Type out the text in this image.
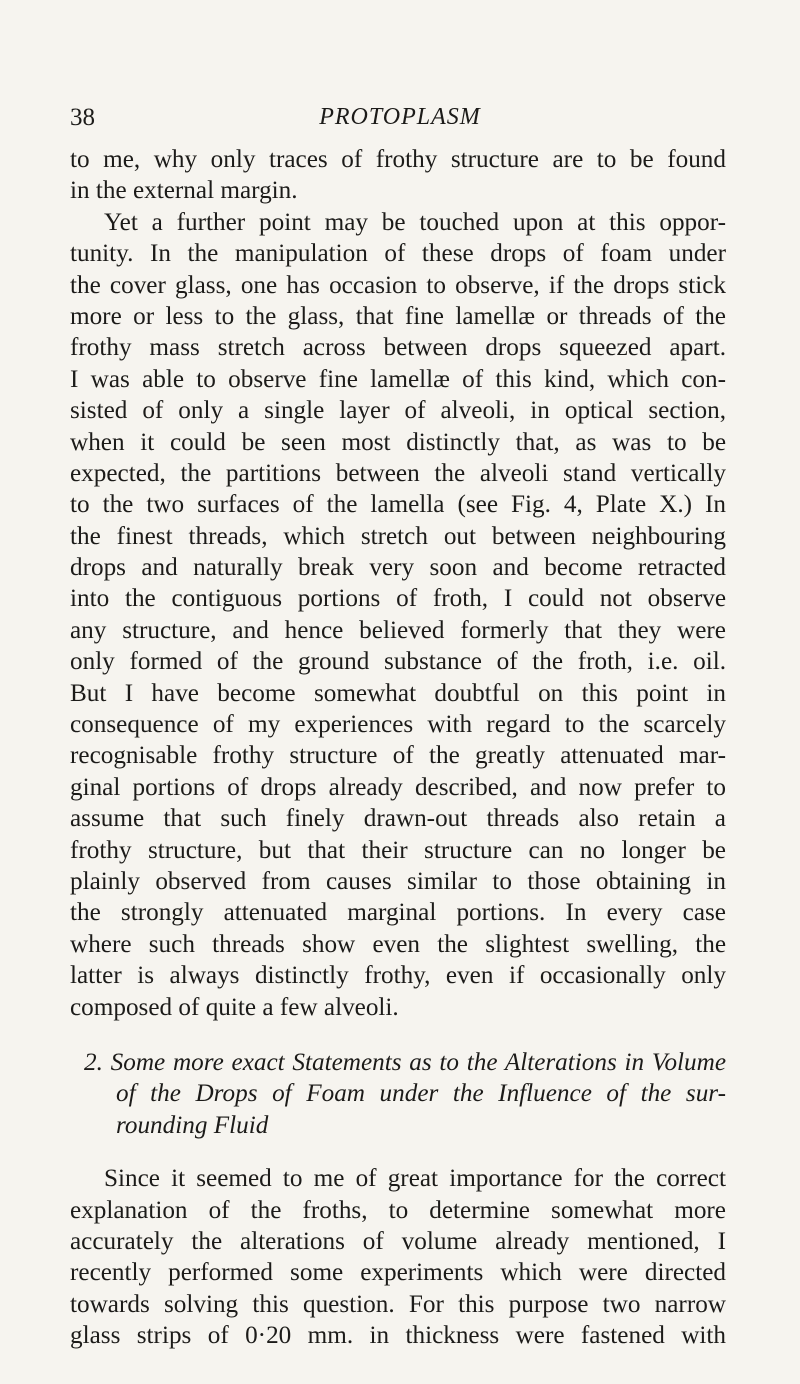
38	PROTOPLASM
to me, why only traces of frothy structure are to be found
in the external margin.
Yet a further point may be touched upon at this oppor-
tunity. In the manipulation of these drops of foam under
the cover glass, one has occasion to observe, if the drops stick
more or less to the glass, that fine lamellæ or threads of the
frothy mass stretch across between drops squeezed apart.
I was able to observe fine lamellæ of this kind, which con-
sisted of only a single layer of alveoli, in optical section,
when it could be seen most distinctly that, as was to be
expected, the partitions between the alveoli stand vertically
to the two surfaces of the lamella (see Fig. 4, Plate X.) In
the finest threads, which stretch out between neighbouring
drops and naturally break very soon and become retracted
into the contiguous portions of froth, I could not observe
any structure, and hence believed formerly that they were
only formed of the ground substance of the froth, i.e. oil.
But I have become somewhat doubtful on this point in
consequence of my experiences with regard to the scarcely
recognisable frothy structure of the greatly attenuated mar-
ginal portions of drops already described, and now prefer to
assume that such finely drawn-out threads also retain a
frothy structure, but that their structure can no longer be
plainly observed from causes similar to those obtaining in
the strongly attenuated marginal portions. In every case
where such threads show even the slightest swelling, the
latter is always distinctly frothy, even if occasionally only
composed of quite a few alveoli.
2. Some more exact Statements as to the Alterations in Volume
of the Drops of Foam under the Influence of the sur-
rounding Fluid
Since it seemed to me of great importance for the correct
explanation of the froths, to determine somewhat more
accurately the alterations of volume already mentioned, I
recently performed some experiments which were directed
towards solving this question. For this purpose two narrow
glass strips of 0·20 mm. in thickness were fastened with
